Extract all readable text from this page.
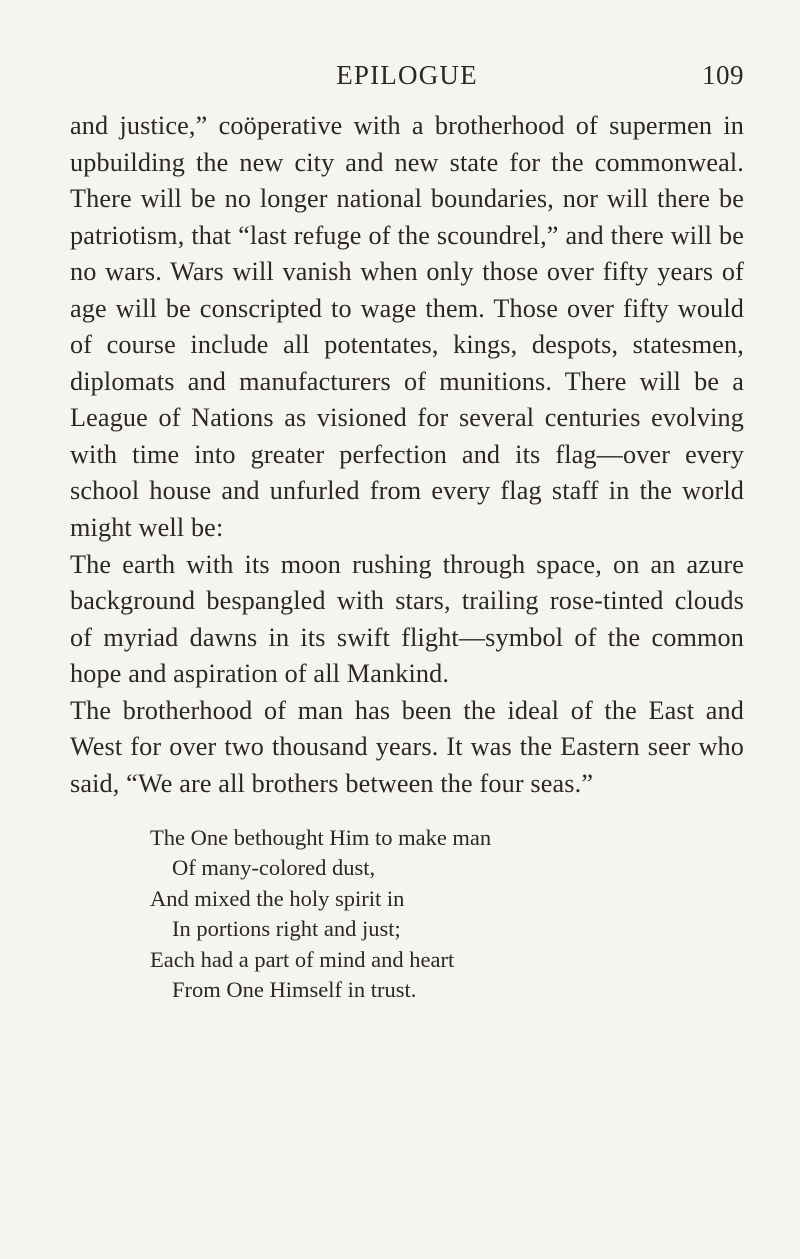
EPILOGUE	109

and justice,” coöperative with a brotherhood of supermen in upbuilding the new city and new state for the commonweal. There will be no longer national boundaries, nor will there be patriotism, that “last refuge of the scoundrel,” and there will be no wars. Wars will vanish when only those over fifty years of age will be conscripted to wage them. Those over fifty would of course include all potentates, kings, despots, statesmen, diplomats and manufacturers of munitions. There will be a League of Nations as visioned for several centuries evolving with time into greater perfection and its flag—over every school house and unfurled from every flag staff in the world might well be:

The earth with its moon rushing through space, on an azure background bespangled with stars, trailing rose-tinted clouds of myriad dawns in its swift flight—symbol of the common hope and aspiration of all Mankind.

The brotherhood of man has been the ideal of the East and West for over two thousand years. It was the Eastern seer who said, “We are all brothers between the four seas.”

The One bethought Him to make man
Of many-colored dust,
And mixed the holy spirit in
In portions right and just;
Each had a part of mind and heart
From One Himself in trust.
